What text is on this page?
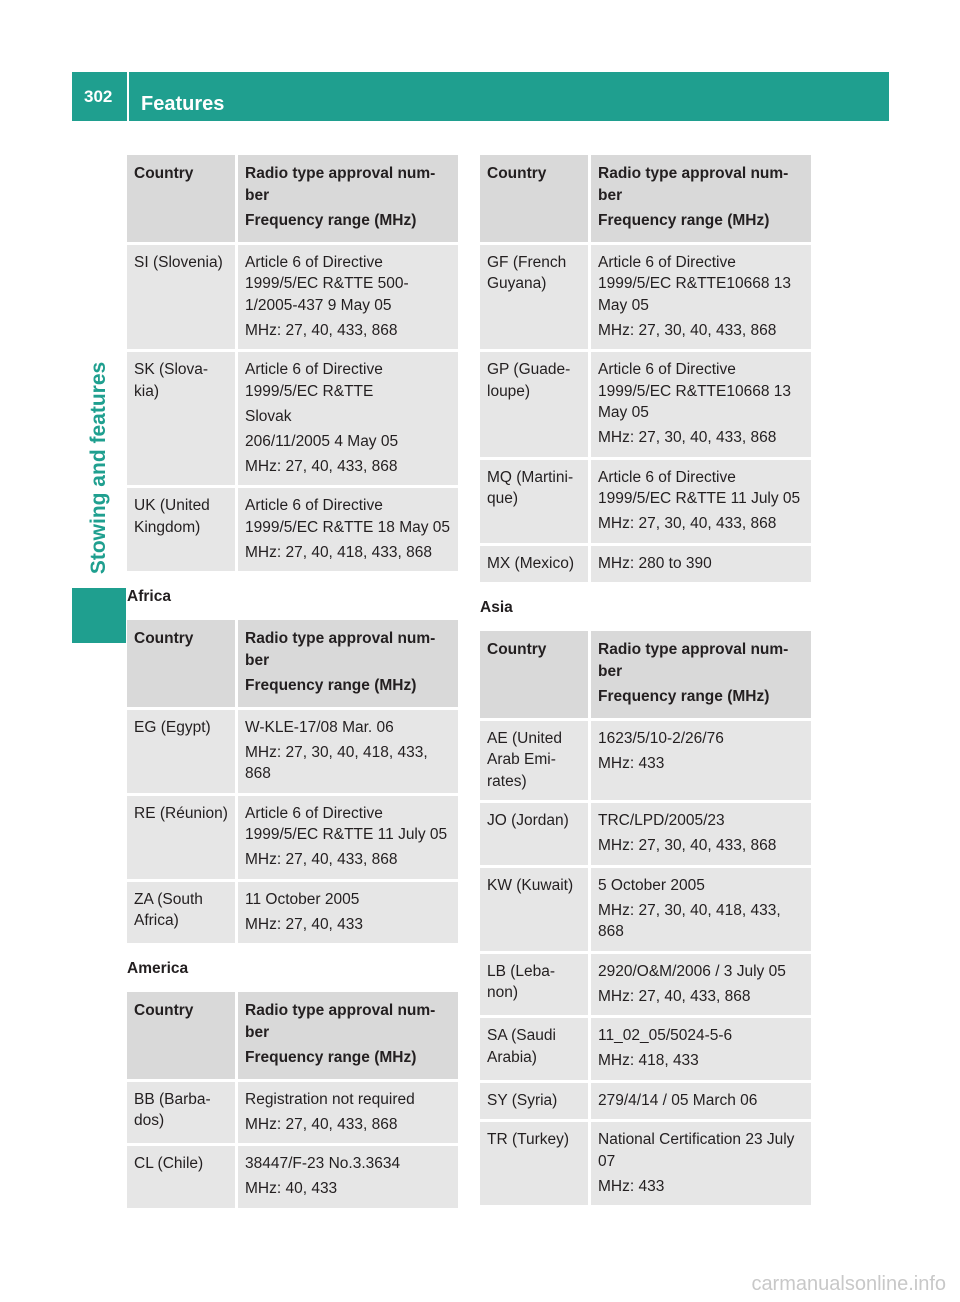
302	Features
Stowing and features
Country	Radio type approval num-
ber
Frequency range (MHz)

SI (Slovenia)	Article 6 of Directive 1999/5/EC R&TTE 500-1/2005-437 9 May 05
MHz: 27, 40, 433, 868

SK (Slova-
kia)	Article 6 of Directive 1999/5/EC R&TTE
Slovak
206/11/2005 4 May 05
MHz: 27, 40, 433, 868

UK (United
Kingdom)	Article 6 of Directive 1999/5/EC R&TTE 18 May 05
MHz: 27, 40, 418, 433, 868
Africa
Country	Radio type approval num-
ber
Frequency range (MHz)

EG (Egypt)	W-KLE-17/08 Mar. 06
MHz: 27, 30, 40, 418, 433, 868

RE (Réunion)	Article 6 of Directive 1999/5/EC R&TTE 11 July 05
MHz: 27, 40, 433, 868

ZA (South
Africa)	11 October 2005
MHz: 27, 40, 433
America
Country	Radio type approval num-
ber
Frequency range (MHz)

BB (Barba-
dos)	Registration not required
MHz: 27, 40, 433, 868

CL (Chile)	38447/F-23 No.3.3634
MHz: 40, 433
Country	Radio type approval num-
ber
Frequency range (MHz)

GF (French
Guyana)	Article 6 of Directive 1999/5/EC R&TTE10668 13 May 05
MHz: 27, 30, 40, 433, 868

GP (Guade-
loupe)	Article 6 of Directive 1999/5/EC R&TTE10668 13 May 05
MHz: 27, 30, 40, 433, 868

MQ (Martini-
que)	Article 6 of Directive 1999/5/EC R&TTE 11 July 05
MHz: 27, 30, 40, 433, 868

MX (Mexico)	MHz: 280 to 390
Asia
Country	Radio type approval num-
ber
Frequency range (MHz)

AE (United
Arab Emi-
rates)	1623/5/10-2/26/76
MHz: 433

JO (Jordan)	TRC/LPD/2005/23
MHz: 27, 30, 40, 433, 868

KW (Kuwait)	5 October 2005
MHz: 27, 30, 40, 418, 433, 868

LB (Leba-
non)	2920/O&M/2006 / 3 July 05
MHz: 27, 40, 433, 868

SA (Saudi
Arabia)	11_02_05/5024-5-6
MHz: 418, 433

SY (Syria)	279/4/14 / 05 March 06

TR (Turkey)	National Certification 23 July 07
MHz: 433
carmanualsonline.info
